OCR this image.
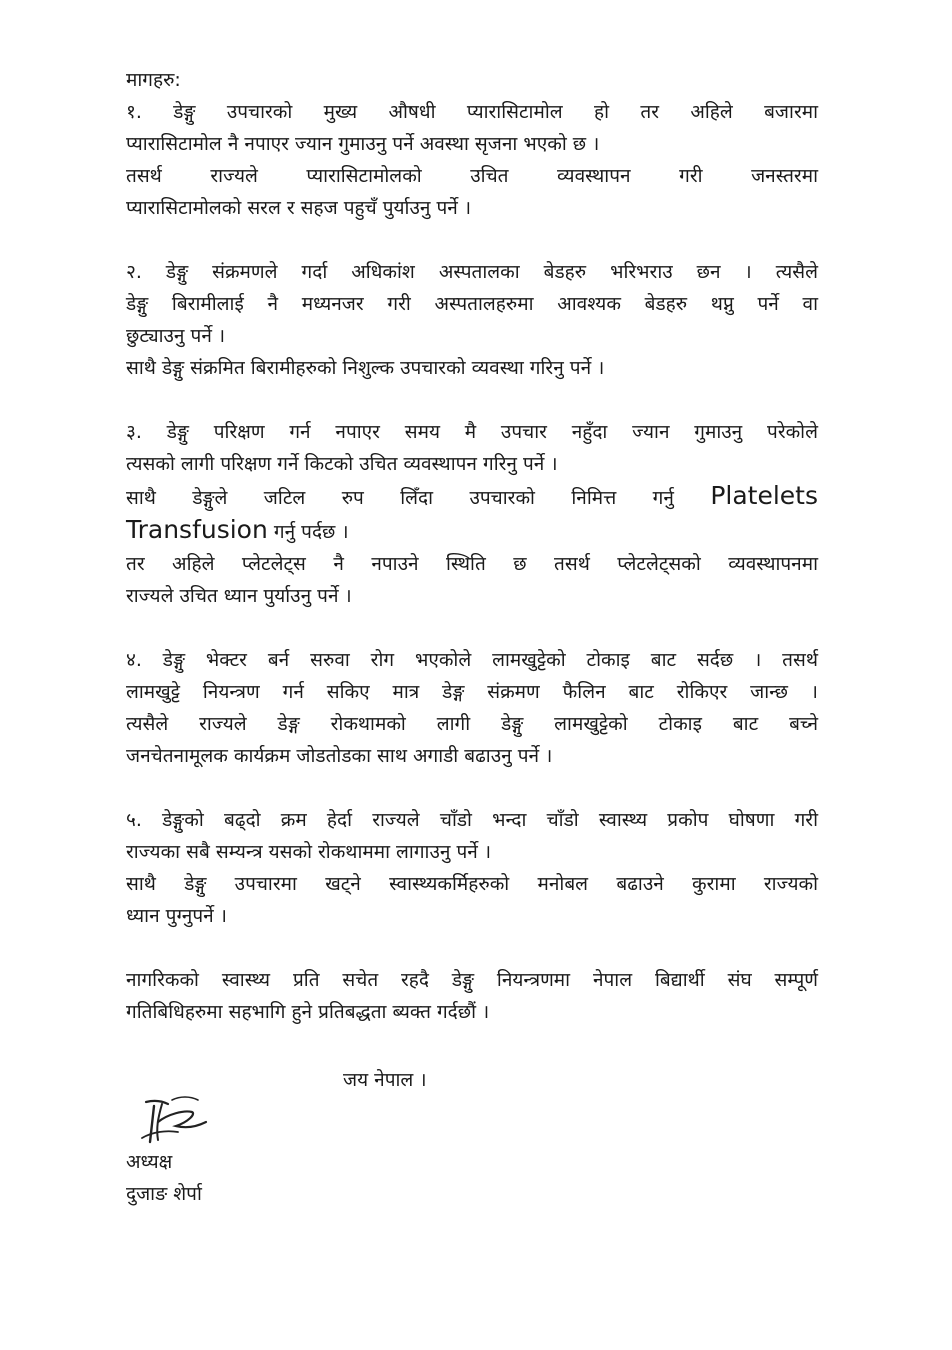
मागहरु:

१. डेङ्गु उपचारको मुख्य औषधी प्यारासिटामोल हो तर अहिले बजारमा
प्यारासिटामोल नै नपाएर ज्यान गुमाउनु पर्ने अवस्था सृजना भएको छ ।
तसर्थ राज्यले प्यारासिटामोलको उचित व्यवस्थापन गरी जनस्तरमा
प्यारासिटामोलको सरल र सहज पहुचँ पुर्याउनु पर्ने ।
२. डेङ्गु संक्रमणले गर्दा अधिकांश अस्पतालका बेडहरु भरिभराउ छन । त्यसैले
डेङ्गु बिरामीलाई नै मध्यनजर गरी अस्पतालहरुमा आवश्यक बेडहरु थप्नु पर्ने वा
छुट्याउनु पर्ने ।
साथै डेङ्गु संक्रमित बिरामीहरुको निशुल्क उपचारको व्यवस्था गरिनु पर्ने ।
३. डेङ्गु परिक्षण गर्न नपाएर समय मै उपचार नहुँदा ज्यान गुमाउनु परेकोले
त्यसको लागी परिक्षण गर्ने किटको उचित व्यवस्थापन गरिनु पर्ने ।
साथै डेङ्गुले जटिल रुप लिँदा उपचारको निमित्त गर्नु Platelets
Transfusion गर्नु पर्दछ ।
तर अहिले प्लेटलेट्स नै नपाउने स्थिति छ तसर्थ प्लेटलेट्सको व्यवस्थापनमा
राज्यले उचित ध्यान पुर्याउनु पर्ने ।
४. डेङ्गु भेक्टर बर्न सरुवा रोग भएकोले लामखुट्टेको टोकाइ बाट सर्दछ । तसर्थ
लामखुट्टे नियन्त्रण गर्न सकिए मात्र डेङ्ग संक्रमण फैलिन बाट रोकिएर जान्छ ।
त्यसैले राज्यले डेङ्ग रोकथामको लागी डेङ्गु लामखुट्टेको टोकाइ बाट बच्ने
जनचेतनामूलक कार्यक्रम जोडतोडका साथ अगाडी बढाउनु पर्ने ।
५. डेङ्गुको बढ्दो क्रम हेर्दा राज्यले चाँडो भन्दा चाँडो स्वास्थ्य प्रकोप घोषणा गरी
राज्यका सबै सम्यन्त्र यसको रोकथाममा लागाउनु पर्ने ।
साथै डेङ्गु उपचारमा खट्ने स्वास्थ्यकर्मिहरुको मनोबल बढाउने कुरामा राज्यको
ध्यान पुग्नुपर्ने ।
नागरिकको स्वास्थ्य प्रति सचेत रहदै डेङ्गु नियन्त्रणमा नेपाल बिद्यार्थी संघ सम्पूर्ण
गतिबिधिहरुमा सहभागि हुने प्रतिबद्धता ब्यक्त गर्दछौं ।
जय नेपाल ।
अध्यक्ष
दुजाङ शेर्पा
